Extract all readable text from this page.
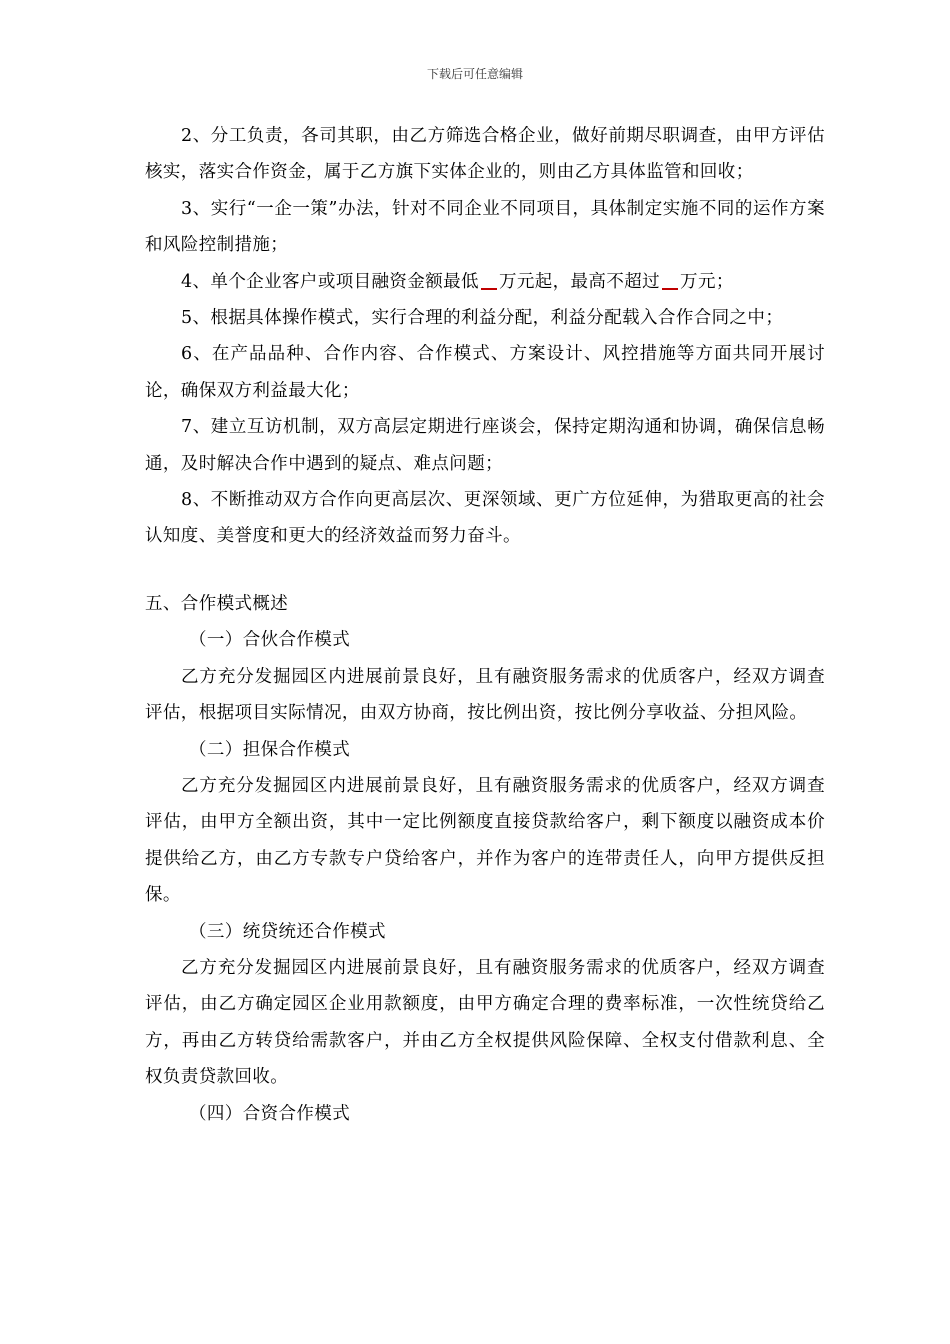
下载后可任意编辑

2、分工负责，各司其职，由乙方筛选合格企业，做好前期尽职调查，由甲方评估核实，落实合作资金，属于乙方旗下实体企业的，则由乙方具体监管和回收；

3、实行“一企一策”办法，针对不同企业不同项目，具体制定实施不同的运作方案和风险控制措施；

4、单个企业客户或项目融资金额最低 万元起，最高不超过 万元；

5、根据具体操作模式，实行合理的利益分配，利益分配载入合作合同之中；

6、在产品品种、合作内容、合作模式、方案设计、风控措施等方面共同开展讨论，确保双方利益最大化；

7、建立互访机制，双方高层定期进行座谈会，保持定期沟通和协调，确保信息畅通，及时解决合作中遇到的疑点、难点问题；

8、不断推动双方合作向更高层次、更深领域、更广方位延伸，为猎取更高的社会认知度、美誉度和更大的经济效益而努力奋斗。

五、合作模式概述

（一）合伙合作模式

乙方充分发掘园区内进展前景良好，且有融资服务需求的优质客户，经双方调查评估，根据项目实际情况，由双方协商，按比例出资，按比例分享收益、分担风险。

（二）担保合作模式

乙方充分发掘园区内进展前景良好，且有融资服务需求的优质客户，经双方调查评估，由甲方全额出资，其中一定比例额度直接贷款给客户，剩下额度以融资成本价提供给乙方，由乙方专款专户贷给客户，并作为客户的连带责任人，向甲方提供反担保。

（三）统贷统还合作模式

乙方充分发掘园区内进展前景良好，且有融资服务需求的优质客户，经双方调查评估，由乙方确定园区企业用款额度，由甲方确定合理的费率标准，一次性统贷给乙方，再由乙方转贷给需款客户，并由乙方全权提供风险保障、全权支付借款利息、全权负责贷款回收。

（四）合资合作模式
